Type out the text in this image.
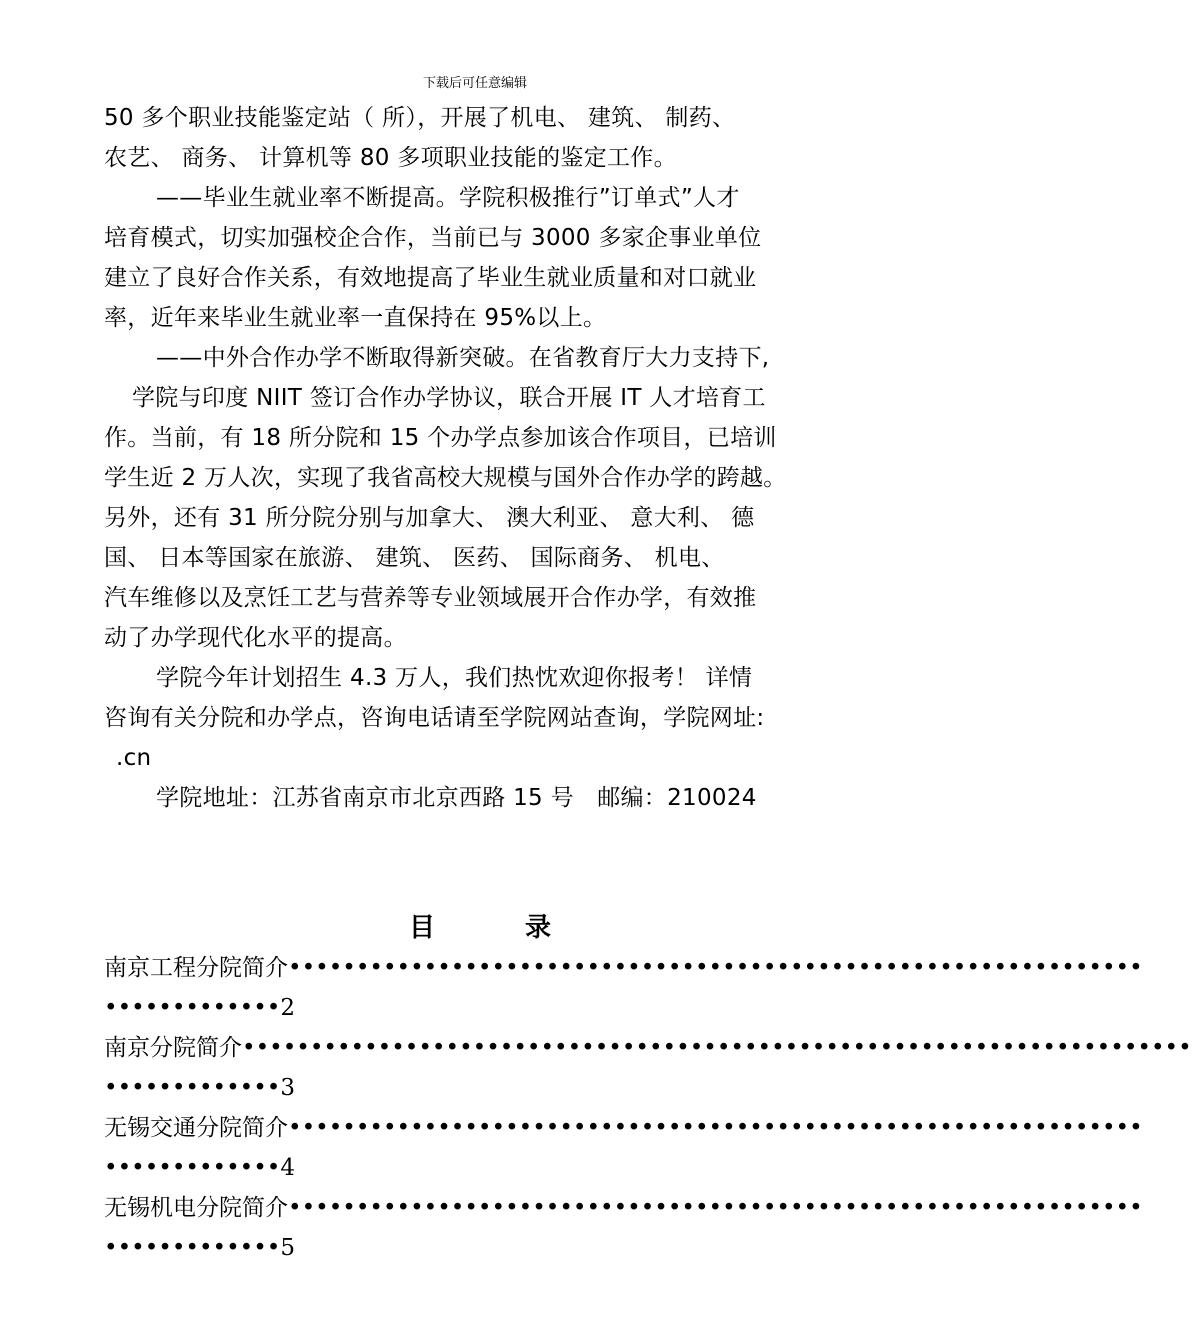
下载后可任意编辑
50 多个职业技能鉴定站（ 所），开展了机电、 建筑、 制药、
农艺、 商务、 计算机等 80 多项职业技能的鉴定工作。
——毕业生就业率不断提高。学院积极推行”订单式”人才
培育模式，切实加强校企合作，当前已与 3000 多家企事业单位
建立了良好合作关系，有效地提高了毕业生就业质量和对口就业
率，近年来毕业生就业率一直保持在 95%以上。
——中外合作办学不断取得新突破。在省教育厅大力支持下,
学院与印度 NIIT 签订合作办学协议，联合开展 IT 人才培育工
作。当前，有 18 所分院和 15 个办学点参加该合作项目，已培训
学生近 2 万人次，实现了我省高校大规模与国外合作办学的跨越。
另外，还有 31 所分院分别与加拿大、 澳大利亚、 意大利、 德
国、 日本等国家在旅游、 建筑、 医药、 国际商务、 机电、
汽车维修以及烹饪工艺与营养等专业领域展开合作办学，有效推
动了办学现代化水平的提高。
学院今年计划招生 4.3 万人，我们热忱欢迎你报考！ 详情
咨询有关分院和办学点，咨询电话请至学院网站查询，学院网址:
.cn
学院地址：江苏省南京市北京西路 15 号　邮编：210024
目	录
南京工程分院简介•••••••••••••••••••••••••••••••••••••••••••••••••••••••••••••••
•••••••••••••2
南京分院简介••••••••••••••••••••••••••••••••••••••••••••••••••••••••••••••••••••••
•••••••••••••3
无锡交通分院简介•••••••••••••••••••••••••••••••••••••••••••••••••••••••••••••••
•••••••••••••4
无锡机电分院简介•••••••••••••••••••••••••••••••••••••••••••••••••••••••••••••••
•••••••••••••5
